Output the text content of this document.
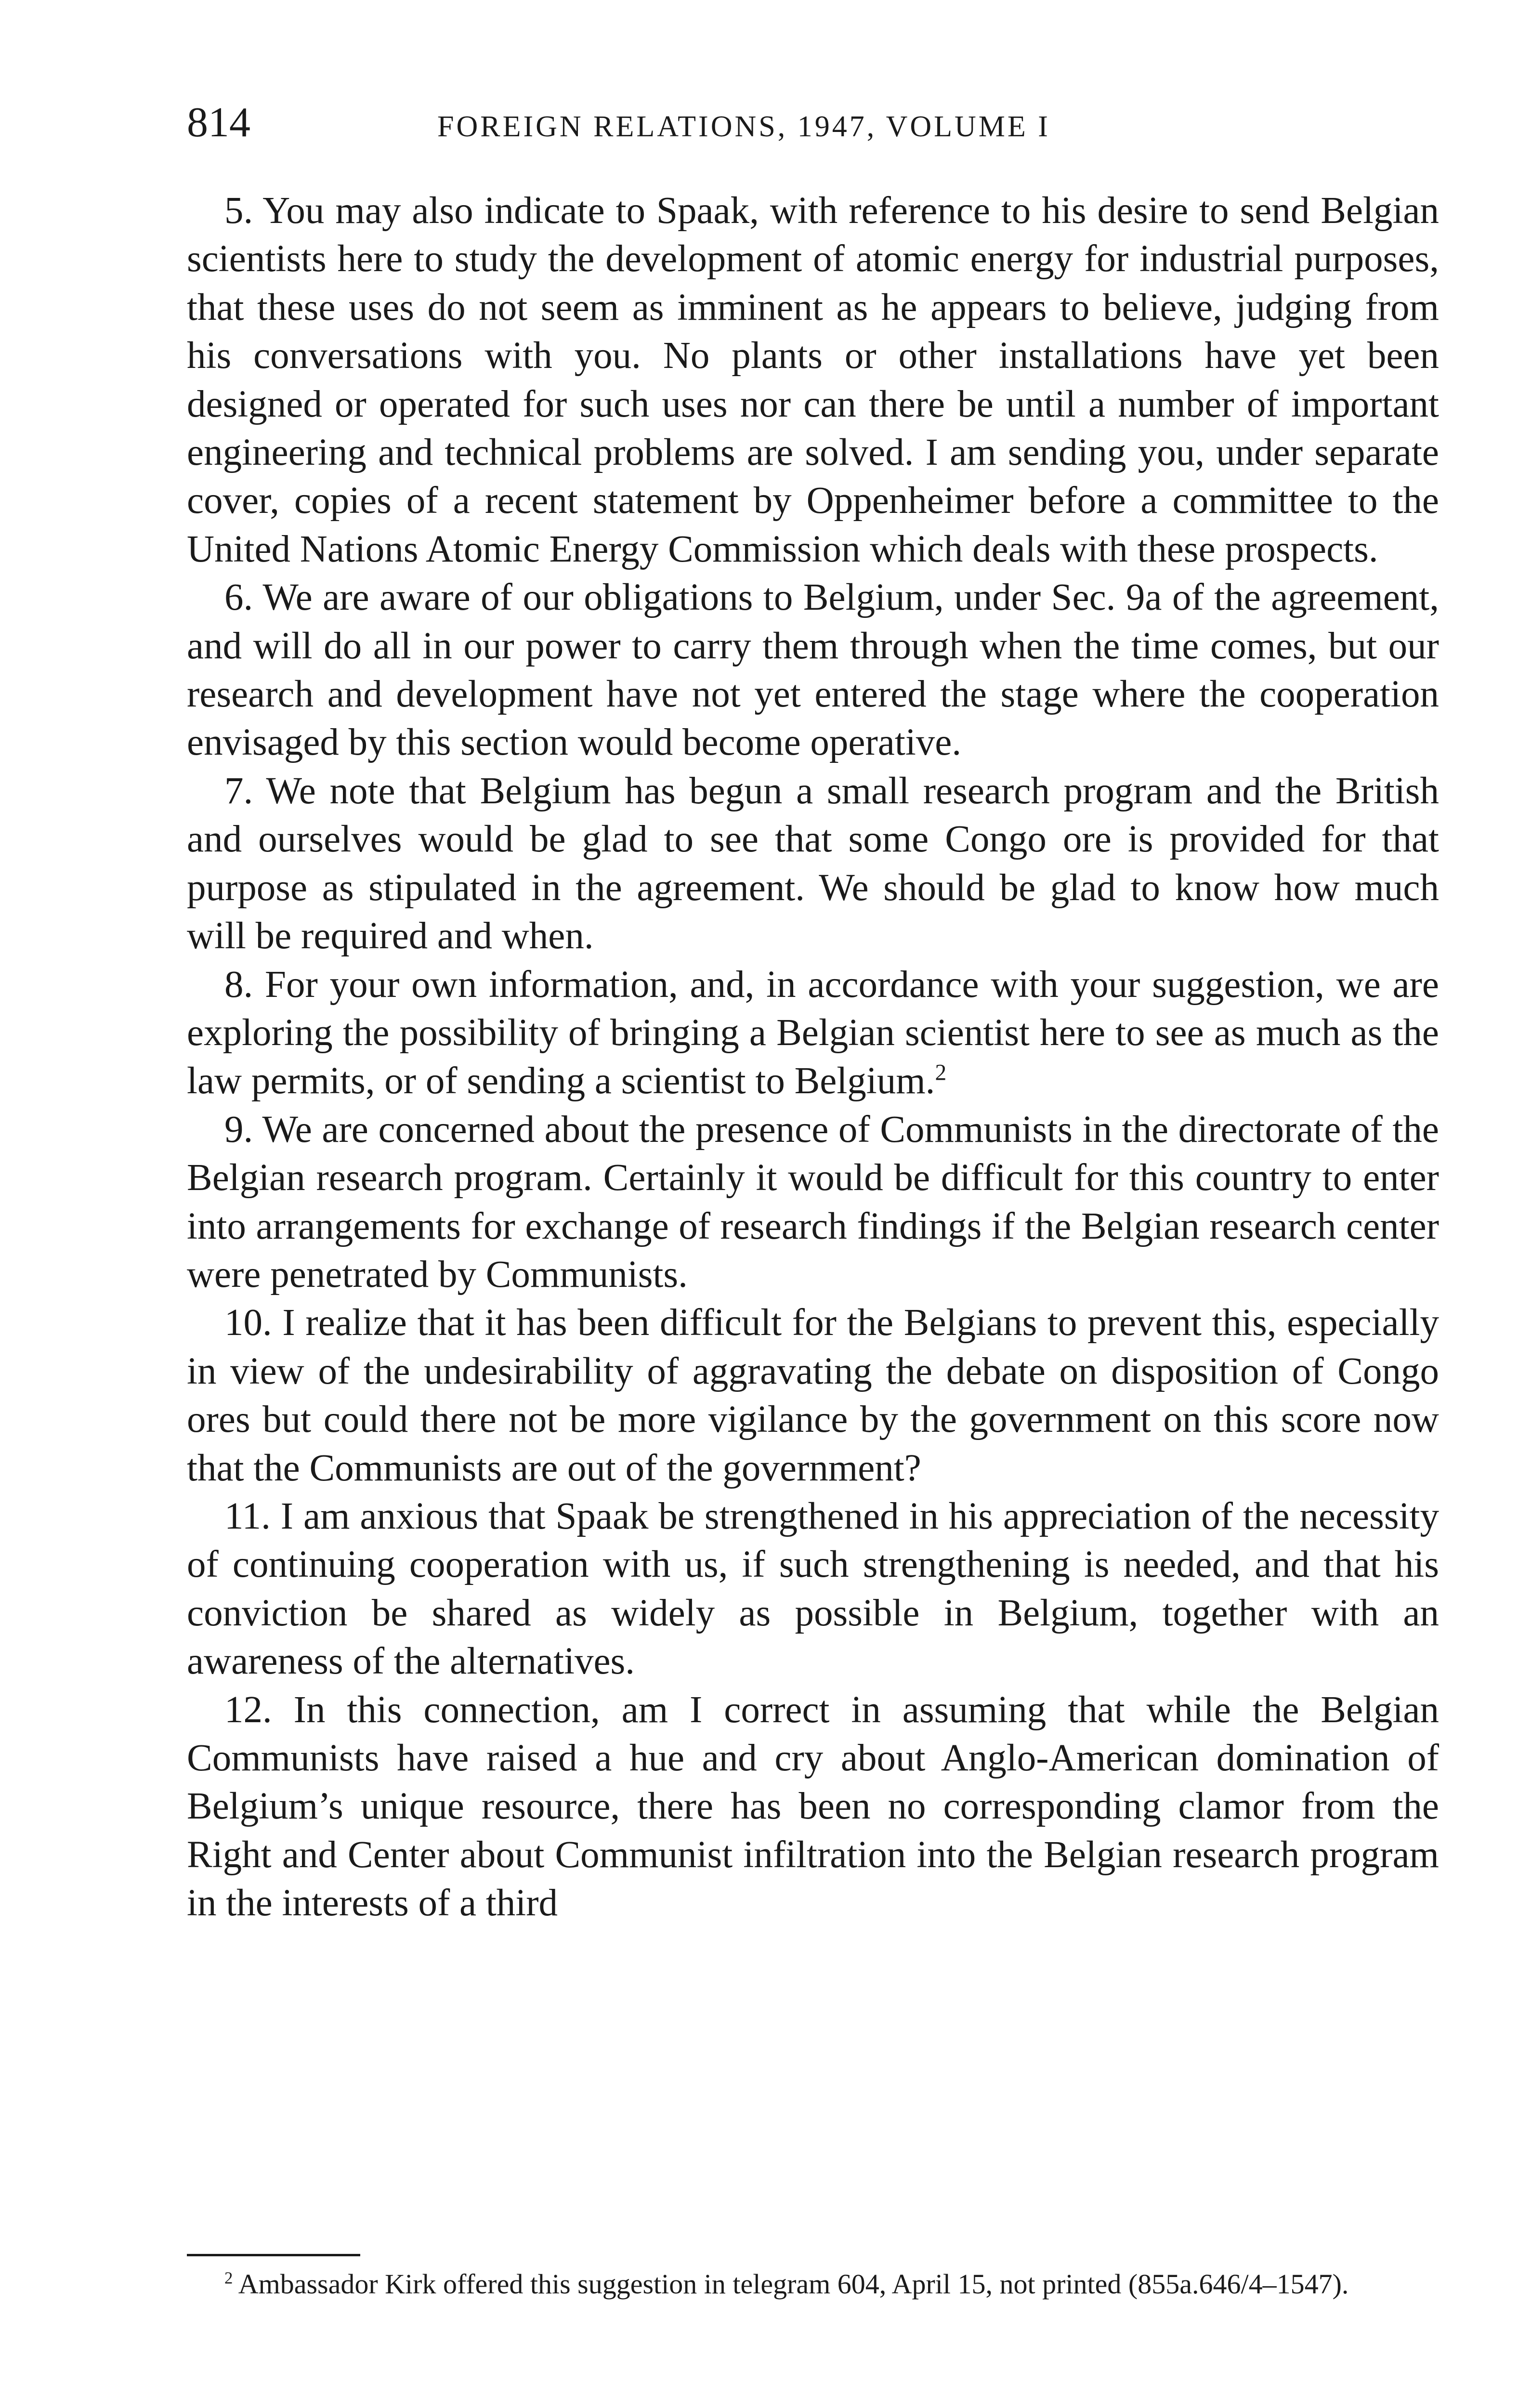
814	FOREIGN RELATIONS, 1947, VOLUME I

5. You may also indicate to Spaak, with reference to his desire to send Belgian scientists here to study the development of atomic energy for industrial purposes, that these uses do not seem as imminent as he appears to believe, judging from his conversations with you. No plants or other installations have yet been designed or operated for such uses nor can there be until a number of important engineering and technical problems are solved. I am sending you, under separate cover, copies of a recent statement by Oppenheimer before a committee to the United Nations Atomic Energy Commission which deals with these prospects.

6. We are aware of our obligations to Belgium, under Sec. 9a of the agreement, and will do all in our power to carry them through when the time comes, but our research and development have not yet entered the stage where the cooperation envisaged by this section would become operative.

7. We note that Belgium has begun a small research program and the British and ourselves would be glad to see that some Congo ore is provided for that purpose as stipulated in the agreement. We should be glad to know how much will be required and when.

8. For your own information, and, in accordance with your suggestion, we are exploring the possibility of bringing a Belgian scientist here to see as much as the law permits, or of sending a scientist to Belgium.$^2$

9. We are concerned about the presence of Communists in the directorate of the Belgian research program. Certainly it would be difficult for this country to enter into arrangements for exchange of research findings if the Belgian research center were penetrated by Communists.

10. I realize that it has been difficult for the Belgians to prevent this, especially in view of the undesirability of aggravating the debate on disposition of Congo ores but could there not be more vigilance by the government on this score now that the Communists are out of the government?

11. I am anxious that Spaak be strengthened in his appreciation of the necessity of continuing cooperation with us, if such strengthening is needed, and that his conviction be shared as widely as possible in Belgium, together with an awareness of the alternatives.

12. In this connection, am I correct in assuming that while the Belgian Communists have raised a hue and cry about Anglo-American domination of Belgium’s unique resource, there has been no corresponding clamor from the Right and Center about Communist infiltration into the Belgian research program in the interests of a third

$^2$ Ambassador Kirk offered this suggestion in telegram 604, April 15, not printed (855a.646/4–1547).
